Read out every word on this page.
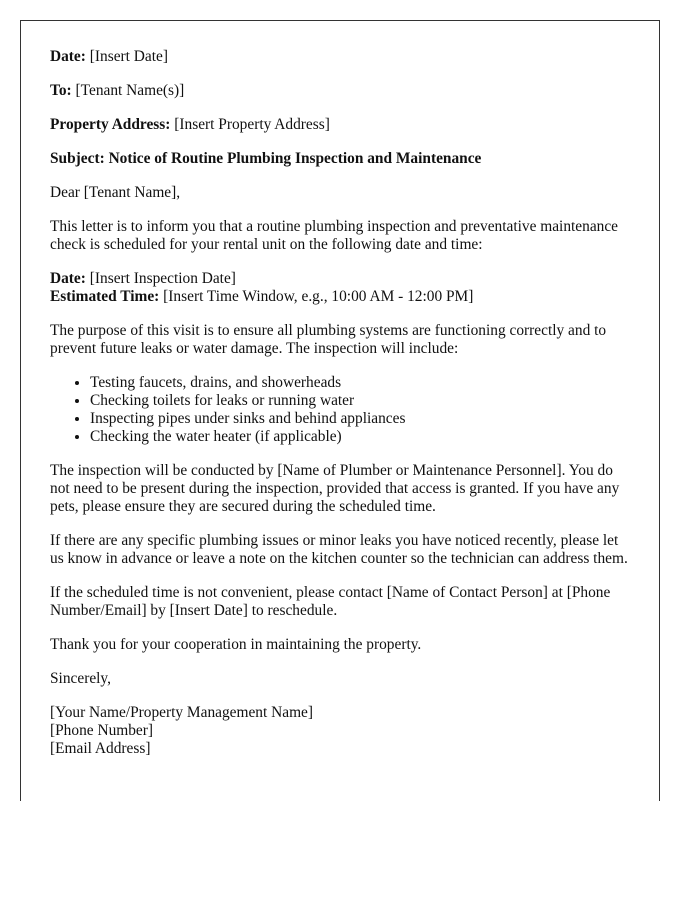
Date: [Insert Date]

To: [Tenant Name(s)]

Property Address: [Insert Property Address]

Subject: Notice of Routine Plumbing Inspection and Maintenance

Dear [Tenant Name],

This letter is to inform you that a routine plumbing inspection and preventative maintenance check is scheduled for your rental unit on the following date and time:

Date: [Insert Inspection Date]
Estimated Time: [Insert Time Window, e.g., 10:00 AM - 12:00 PM]

The purpose of this visit is to ensure all plumbing systems are functioning correctly and to prevent future leaks or water damage. The inspection will include:

• Testing faucets, drains, and showerheads
• Checking toilets for leaks or running water
• Inspecting pipes under sinks and behind appliances
• Checking the water heater (if applicable)

The inspection will be conducted by [Name of Plumber or Maintenance Personnel]. You do not need to be present during the inspection, provided that access is granted. If you have any pets, please ensure they are secured during the scheduled time.

If there are any specific plumbing issues or minor leaks you have noticed recently, please let us know in advance or leave a note on the kitchen counter so the technician can address them.

If the scheduled time is not convenient, please contact [Name of Contact Person] at [Phone Number/Email] by [Insert Date] to reschedule.

Thank you for your cooperation in maintaining the property.

Sincerely,

[Your Name/Property Management Name]
[Phone Number]
[Email Address]
